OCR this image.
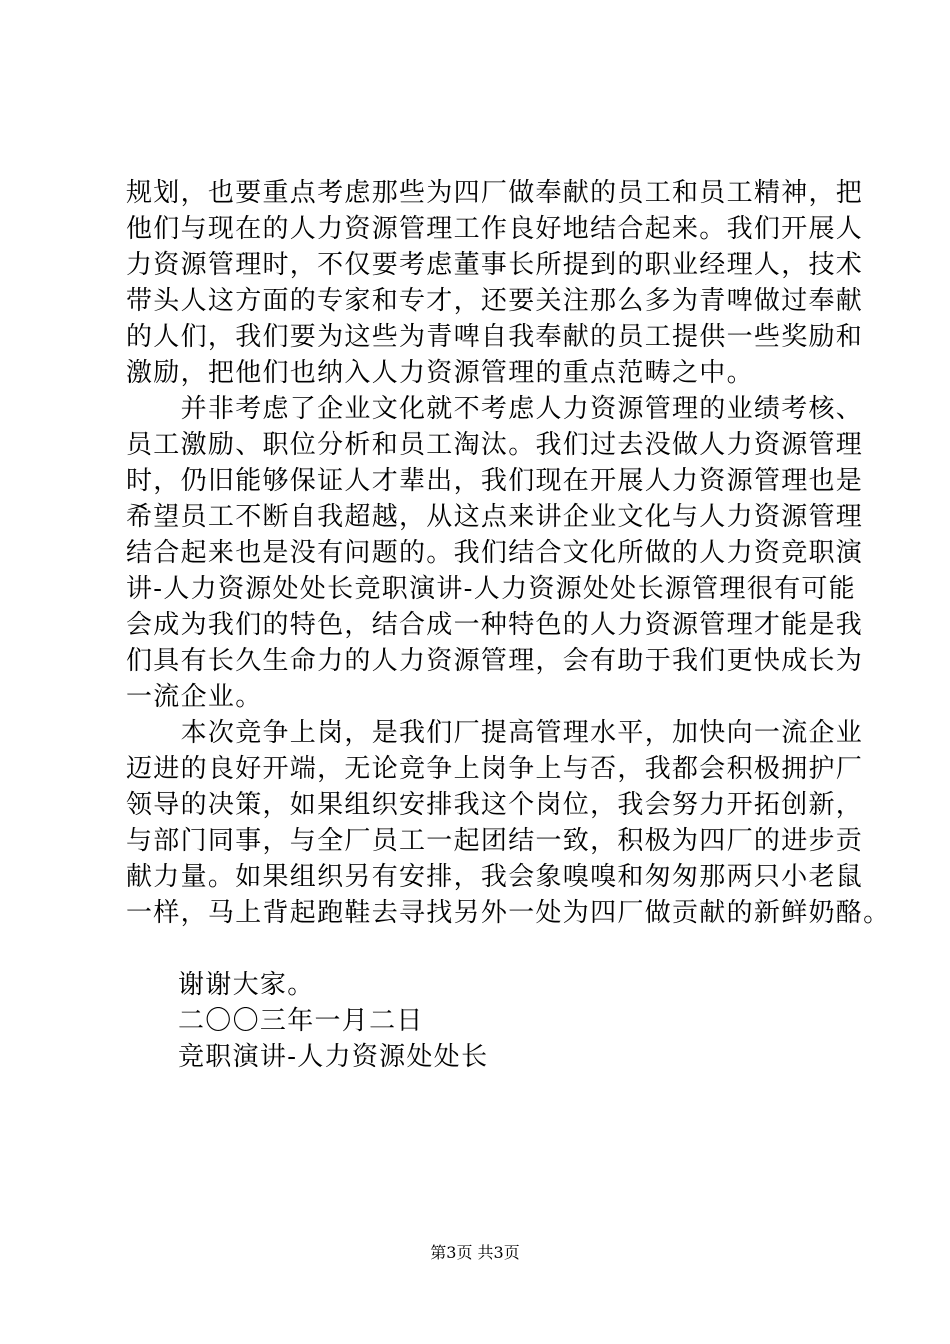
规划，也要重点考虑那些为四厂做奉献的员工和员工精神，把
他们与现在的人力资源管理工作良好地结合起来。我们开展人
力资源管理时，不仅要考虑董事长所提到的职业经理人，技术
带头人这方面的专家和专才，还要关注那么多为青啤做过奉献
的人们，我们要为这些为青啤自我奉献的员工提供一些奖励和
激励，把他们也纳入人力资源管理的重点范畴之中。
　　并非考虑了企业文化就不考虑人力资源管理的业绩考核、
员工激励、职位分析和员工淘汰。我们过去没做人力资源管理
时，仍旧能够保证人才辈出，我们现在开展人力资源管理也是
希望员工不断自我超越，从这点来讲企业文化与人力资源管理
结合起来也是没有问题的。我们结合文化所做的人力资竞职演
讲-人力资源处处长竞职演讲-人力资源处处长源管理很有可能
会成为我们的特色，结合成一种特色的人力资源管理才能是我
们具有长久生命力的人力资源管理，会有助于我们更快成长为
一流企业。
　　本次竞争上岗，是我们厂提高管理水平，加快向一流企业
迈进的良好开端，无论竞争上岗争上与否，我都会积极拥护厂
领导的决策，如果组织安排我这个岗位，我会努力开拓创新，
与部门同事，与全厂员工一起团结一致，积极为四厂的进步贡
献力量。如果组织另有安排，我会象嗅嗅和匆匆那两只小老鼠
一样，马上背起跑鞋去寻找另外一处为四厂做贡献的新鲜奶酪。
谢谢大家。
二〇〇三年一月二日
竞职演讲-人力资源处处长
第3页 共3页
